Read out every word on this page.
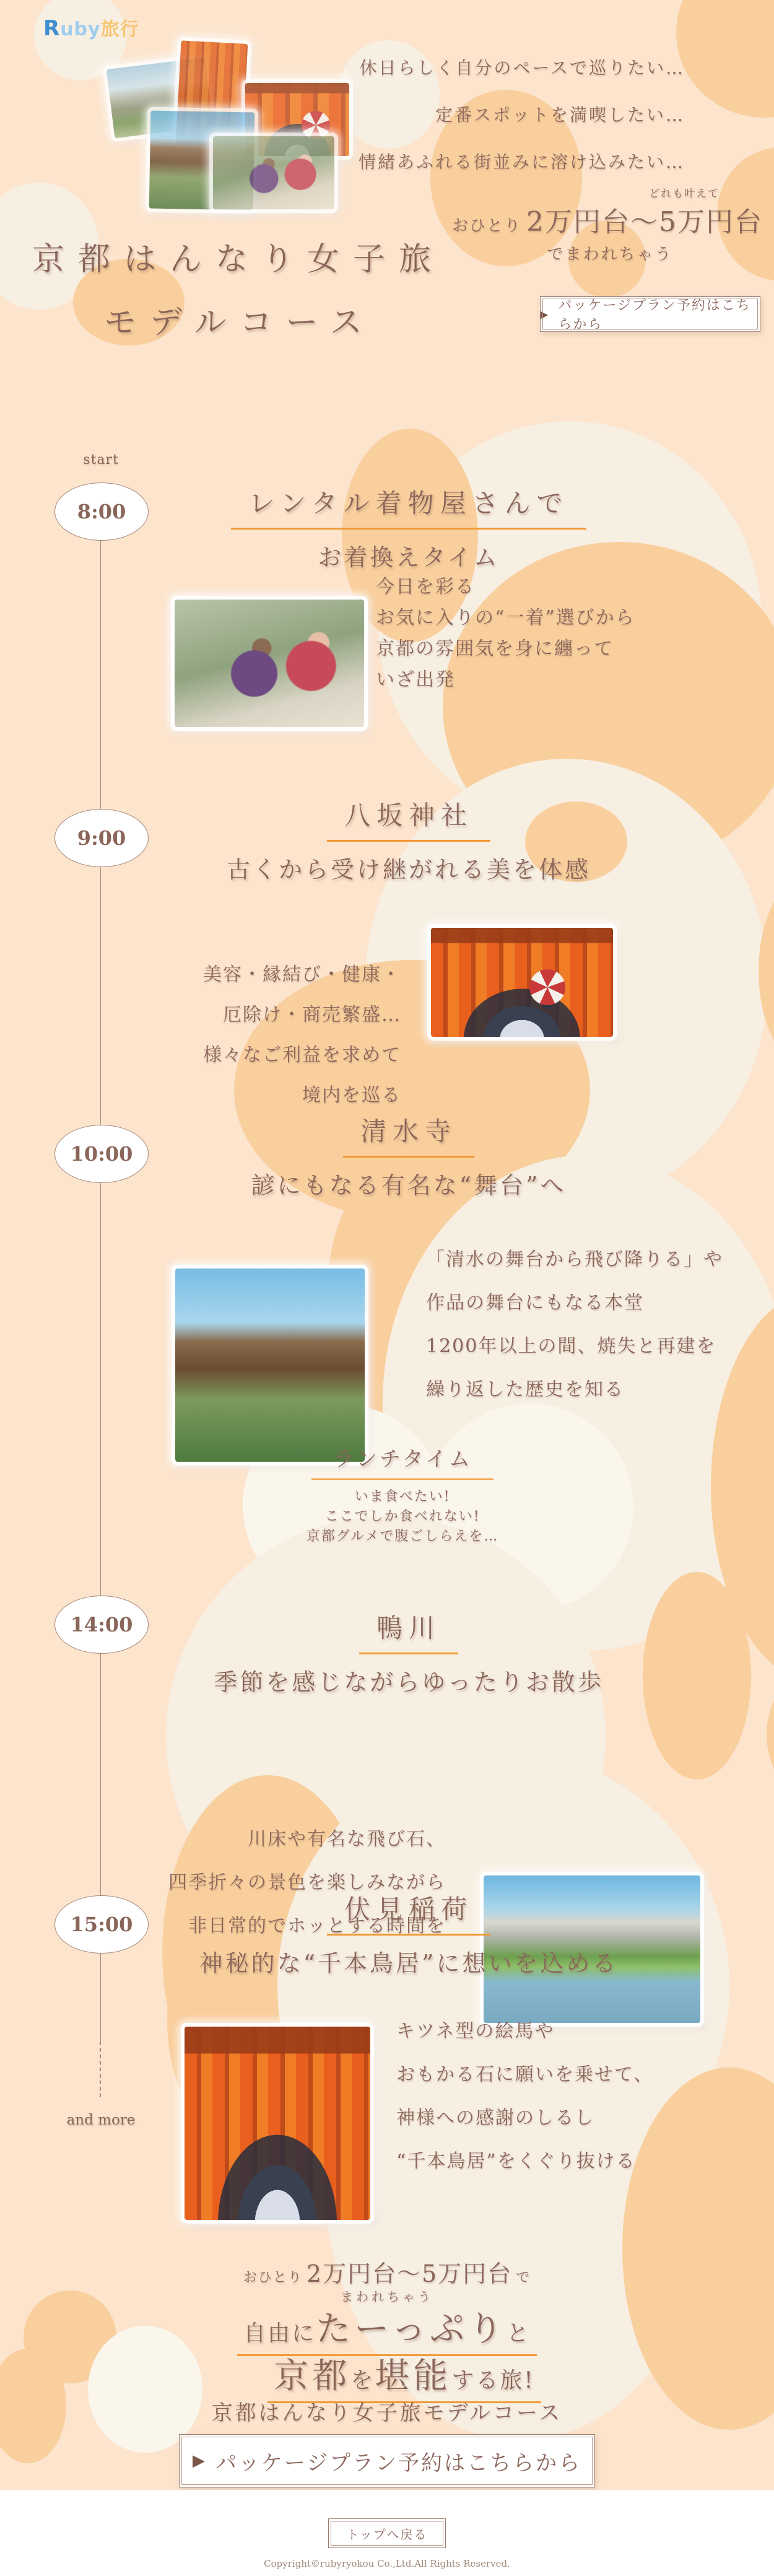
Ruby旅行
休日らしく自分のペースで巡りたい…
定番スポットを満喫したい…
情緒あふれる街並みに溶け込みたい…
どれも叶えて
おひとり 2万円台〜5万円台
でまわれちゃう
京都はんなり女子旅
モデルコース	▶
パッケージプラン予約はこちらから
start
and more
8:00
9:00
10:00
14:00
15:00
レンタル着物屋さんで
お着換えタイム
今日を彩る
お気に入りの“一着”選びから
京都の雰囲気を身に纏って
いざ出発
八坂神社
古くから受け継がれる美を体感
美容・縁結び・健康・
厄除け・商売繁盛…
様々なご利益を求めて
境内を巡る
清水寺
諺にもなる有名な“舞台”へ
「清水の舞台から飛び降りる」や
作品の舞台にもなる本堂
1200年以上の間、焼失と再建を
繰り返した歴史を知る
ランチタイム
いま食べたい!
ここでしか食べれない!
京都グルメで腹ごしらえを…
鴨川
季節を感じながらゆったりお散歩
川床や有名な飛び石、
四季折々の景色を楽しみながら
非日常的でホッとする時間を
伏見稲荷
神秘的な“千本鳥居”に想いを込める
キツネ型の絵馬や
おもかる石に願いを乗せて、
神様への感謝のしるし
“千本鳥居”をくぐり抜ける
おひとり 2万円台〜5万円台 で
まわれちゃう
自由にたーっぷりと
京都を堪能する旅!
京都はんなり女子旅モデルコース
▶ パッケージプラン予約はこちらから
トップへ戻る
Copyright©rubyryokou Co.,Ltd.All Rights Reserved.
